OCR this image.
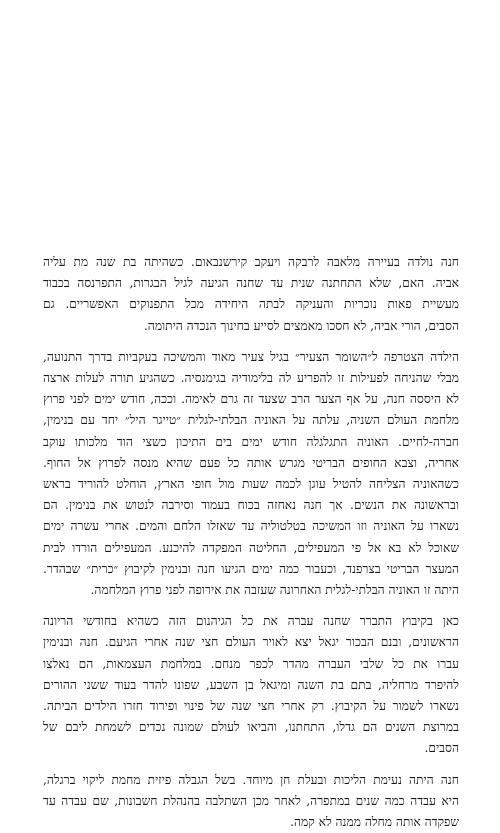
חנה נולדה בעיירה מלאבה לרבקה ויעקב קירשנבאום. כשהיתה בת שנה מת עליה
אביה. האם, שלא התחתנה שנית עד שחנה הגיעה לגיל הבגרות, התפרנסה בכבוד
מעשיית פאות נוכריות והעניקה לבתה היחידה מכל התפנוקים האפשריים. גם
הסבים, הורי אביה, לא חסכו מאמצים לסייע בחינוך הנכדה היתומה.
הילדה הצטרפה ל״השומר הצעיר״ בגיל צעיר מאוד והמשיכה בעקביות בדרך התנועה,
מבלי שהניחה לפעילות זו להפריע לה בלימודיה בגימנסיה. כשהגיע תורה לעלות ארצה
לא היססה חנה, על אף הצער הרב שצעד זה גרם לאימה. וככה, חודש ימים לפני פרוץ
מלחמת העולם השניה, עלתה על האוניה הבלתי-לגלית ״טייגר היל״ יחד עם בנימין,
חברה-לחיים. האוניה התגלגלה חודש ימים בים התיכון כשצי הוד מלכותו עוקב
אחריה, וצבא החופים הבריטי מגרש אותה כל פעם שהיא מנסה לפרוץ אל החוף.
כשהאוניה הצליחה להטיל עוגן לכמה שעות מול חופי הארץ, הוחלט להוריד בראש
ובראשונה את הנשים. אך חנה נאחזה בכוח בעמוד וסירבה לנטוש את בנימין. הם
נשארו על האוניה וזו המשיכה בטלטוליה עד שאזלו הלחם והמים. אחרי עשרה ימים
שאוכל לא בא אל פי המעפילים, החליטה המפקדה להיכנע. המעפילים הורדו לבית
המעצר הבריטי בצרפנד, וכעבור כמה ימים הגיעו חנה ובנימין לקיבוץ ״כרית״ שבהדר.
היתה זו האוניה הבלתי-לגלית האחרונה שעזבה את אירופה לפני פרוץ המלחמה.
כאן בקיבוץ התברר שחנה עברה את כל הגיהנום הזה כשהיא בחודשי הריונה
הראשונים, ובנם הבכור יגאל יצא לאויר העולם חצי שנה אחרי הגיעם. חנה ובנימין
עברו את כל שלבי העברה מהדר לכפר מנחם. במלחמת העצמאות, הם נאלצו
להיפרד מרחליה, בתם בת השנה ומיגאל בן השבע, שפונו להדר בעוד ששני ההורים
נשארו לשמור על הקיבוץ. רק אחרי חצי שנה של פינוי ופירוד חזרו הילדים הביתה.
במרוצת השנים הם גדלו, התחתנו, והביאו לעולם שמונה נכדים לשמחת ליבם של
הסבים.
חנה היתה נעימת הליכות ובעלת חן מיוחד. בשל הגבלה פיזית מחמת ליקוי ברגלה,
היא עבדה כמה שנים במתפרה, לאחר מכן השתלבה בהנהלת חשבונות, שם עבדה עד
שפקדה אותה מחלה ממנה לא קמה.
